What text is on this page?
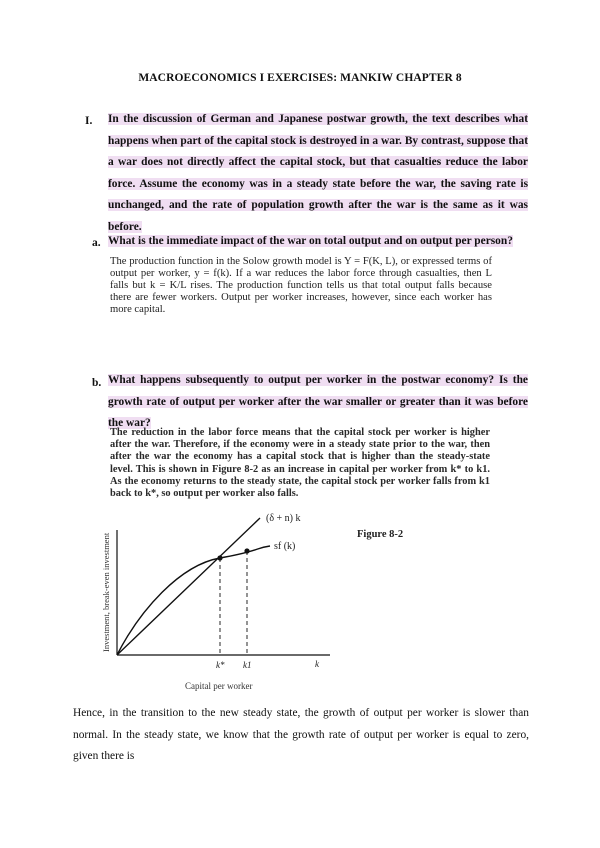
MACROECONOMICS I EXERCISES: MANKIW CHAPTER 8
I. In the discussion of German and Japanese postwar growth, the text describes what happens when part of the capital stock is destroyed in a war. By contrast, suppose that a war does not directly affect the capital stock, but that casualties reduce the labor force. Assume the economy was in a steady state before the war, the saving rate is unchanged, and the rate of population growth after the war is the same as it was before.
a. What is the immediate impact of the war on total output and on output per person?
The production function in the Solow growth model is Y = F(K, L), or expressed terms of output per worker, y = f(k). If a war reduces the labor force through casualties, then L falls but k = K/L rises. The production function tells us that total output falls because there are fewer workers. Output per worker increases, however, since each worker has more capital.
b. What happens subsequently to output per worker in the postwar economy? Is the growth rate of output per worker after the war smaller or greater than it was before the war?
The reduction in the labor force means that the capital stock per worker is higher after the war. Therefore, if the economy were in a steady state prior to the war, then after the war the economy has a capital stock that is higher than the steady-state level. This is shown in Figure 8-2 as an increase in capital per worker from k* to k1. As the economy returns to the steady state, the capital stock per worker falls from k1 back to k*, so output per worker also falls.
(δ + n) k
sf (k)
Figure 8-2
Investment, break-even investment
k* k1	k
Capital per worker
Hence, in the transition to the new steady state, the growth of output per worker is slower than normal. In the steady state, we know that the growth rate of output per worker is equal to zero, given there is
